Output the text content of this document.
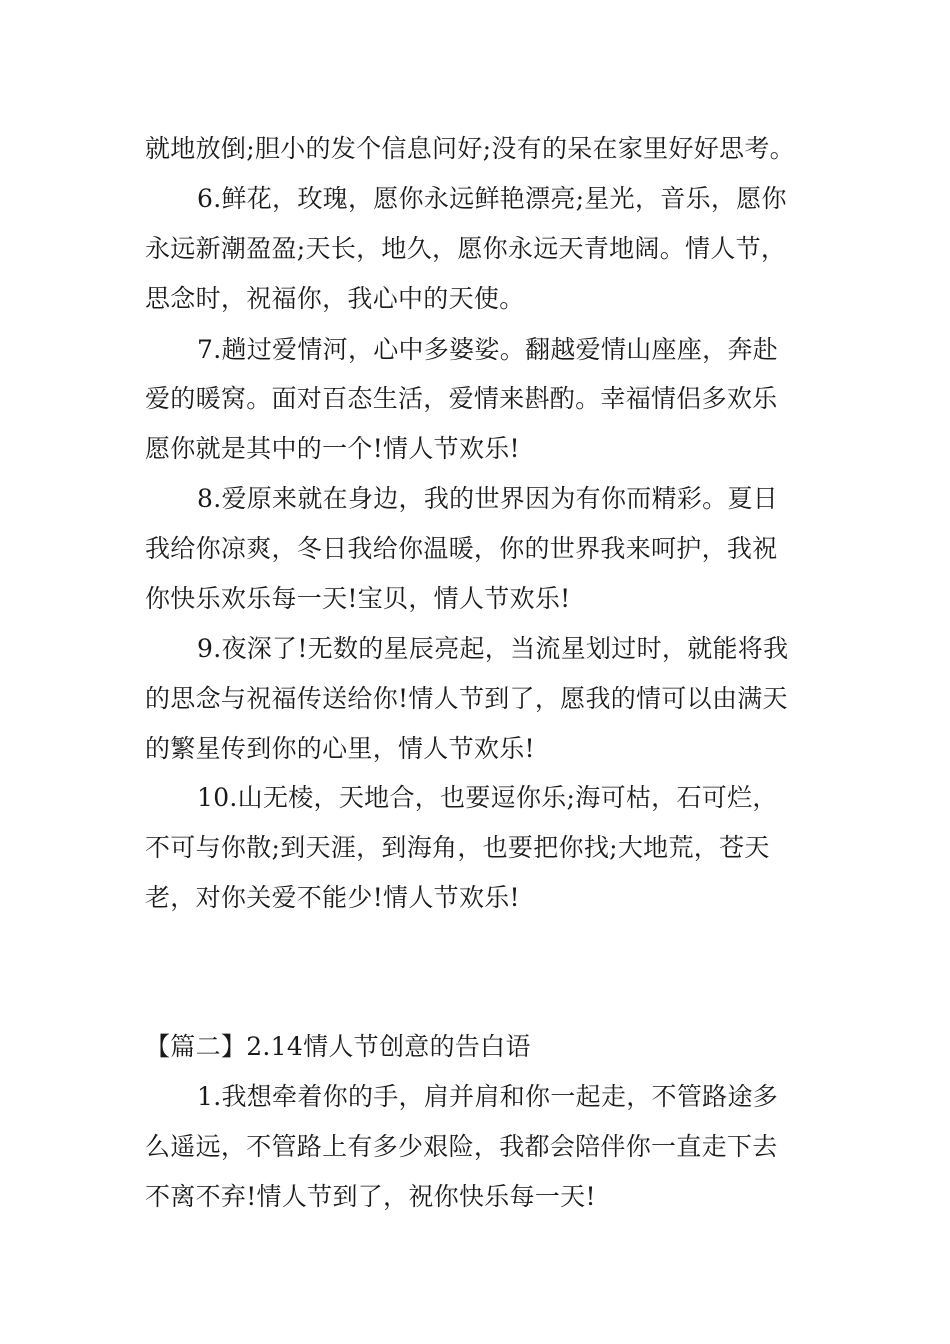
就地放倒;胆小的发个信息问好;没有的呆在家里好好思考。
6.鲜花，玫瑰，愿你永远鲜艳漂亮;星光，音乐，愿你
永远新潮盈盈;天长，地久，愿你永远天青地阔。情人节，
思念时，祝福你，我心中的天使。
7.趟过爱情河，心中多婆娑。翻越爱情山座座，奔赴
爱的暖窝。面对百态生活，爱情来斟酌。幸福情侣多欢乐
愿你就是其中的一个!情人节欢乐!
8.爱原来就在身边，我的世界因为有你而精彩。夏日
我给你凉爽，冬日我给你温暖，你的世界我来呵护，我祝
你快乐欢乐每一天!宝贝，情人节欢乐!
9.夜深了!无数的星辰亮起，当流星划过时，就能将我
的思念与祝福传送给你!情人节到了，愿我的情可以由满天
的繁星传到你的心里，情人节欢乐!
10.山无棱，天地合，也要逗你乐;海可枯，石可烂，
不可与你散;到天涯，到海角，也要把你找;大地荒，苍天
老，对你关爱不能少!情人节欢乐!
【篇二】2.14情人节创意的告白语
1.我想牵着你的手，肩并肩和你一起走，不管路途多
么遥远，不管路上有多少艰险，我都会陪伴你一直走下去
不离不弃!情人节到了，祝你快乐每一天!
